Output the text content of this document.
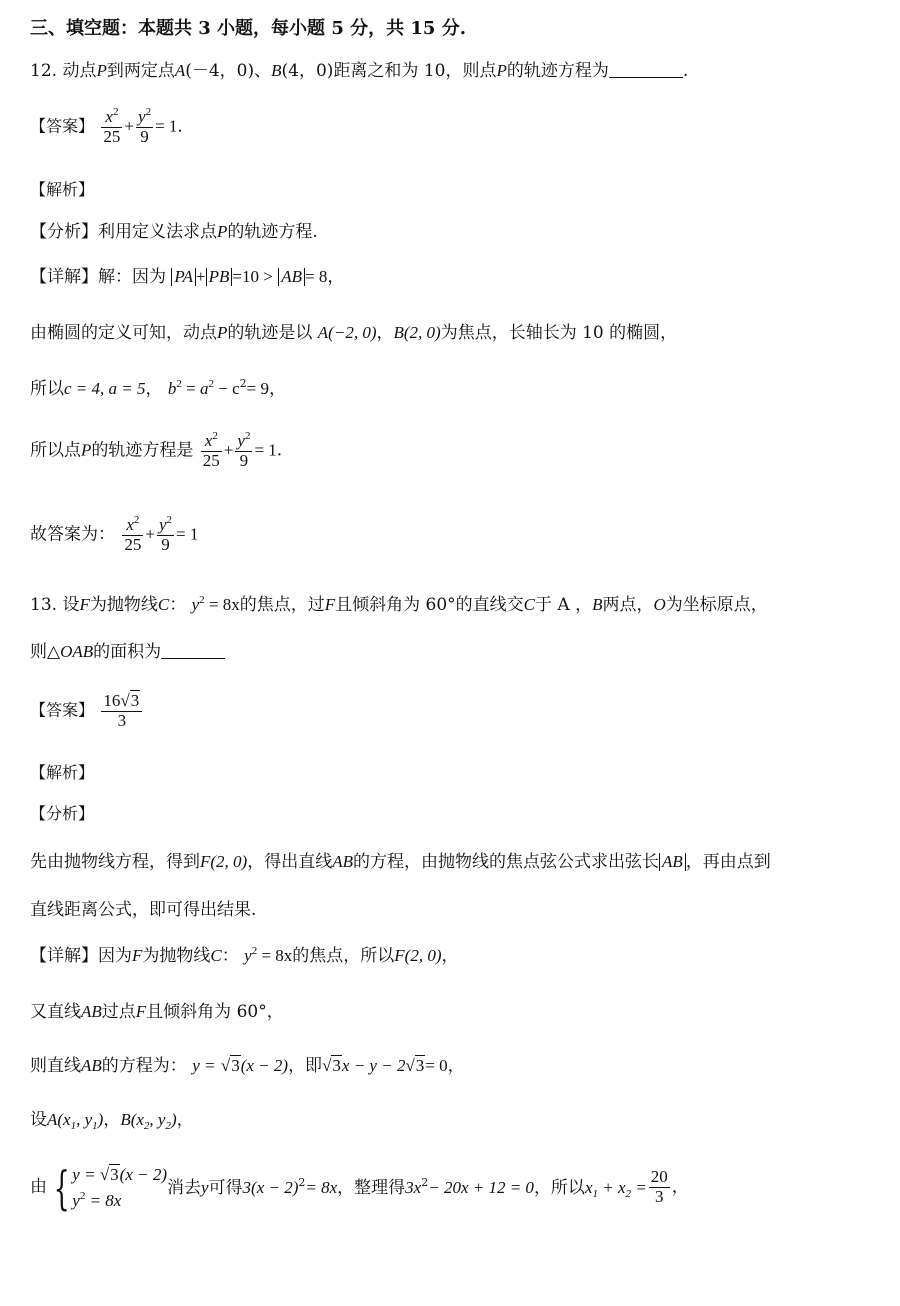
三、填空题：本题共 3 小题，每小题 5 分，共 15 分.
12. 动点P到两定点A(－4，0)、B(4，0)距离之和为 10，则点P的轨迹方程为	.
【答案】 $\frac{x^2}{25} + \frac{y^2}{9} = 1$．
【解析】
【分析】利用定义法求点P的轨迹方程.
【详解】解：因为 PA + PB =10 > AB = 8，
由椭圆的定义可知，动点P的轨迹是以 A(−2, 0)，B(2, 0)为焦点，长轴长为 10 的椭圆，
所以c = 4, a = 5， $b^2 = a^2 - c^2= 9$，
所以点P的轨迹方程是 $\frac{x^2}{25} + \frac{y^2}{9} = 1$.
故答案为： $\frac{x^2}{25} + \frac{y^2}{9} = 1$
13. 设F为抛物线C： $y^2 = 8x$的焦点，过F且倾斜角为 60°的直线交C于 A ，B两点，O为坐标原点，
则△OAB的面积为
【答案】 $\frac{16√3}{3}$
【解析】
【分析】
先由抛物线方程，得到F(2, 0)，得出直线AB的方程，由抛物线的焦点弦公式求出弦长 AB ，再由点到
直线距离公式，即可得出结果.
【详解】因为F为抛物线C： $y^2 = 8x$的焦点，所以F(2, 0)，
又直线AB过点F且倾斜角为 60°，
则直线AB的方程为： y = √3(x − 2)，即√3x − y − 2√3= 0，
设$A(x_1$, $y_1$)，$B(x_2$, $y_2$)，
由 { y = √3(x − 2)
$y^2 = 8x$
消去y可得$3(x - 2)^2= 8x$，整理得$3x^2- 20x + 12 = 0$，所以$x_1 + x_2 = \frac{20}{3}$ ，
